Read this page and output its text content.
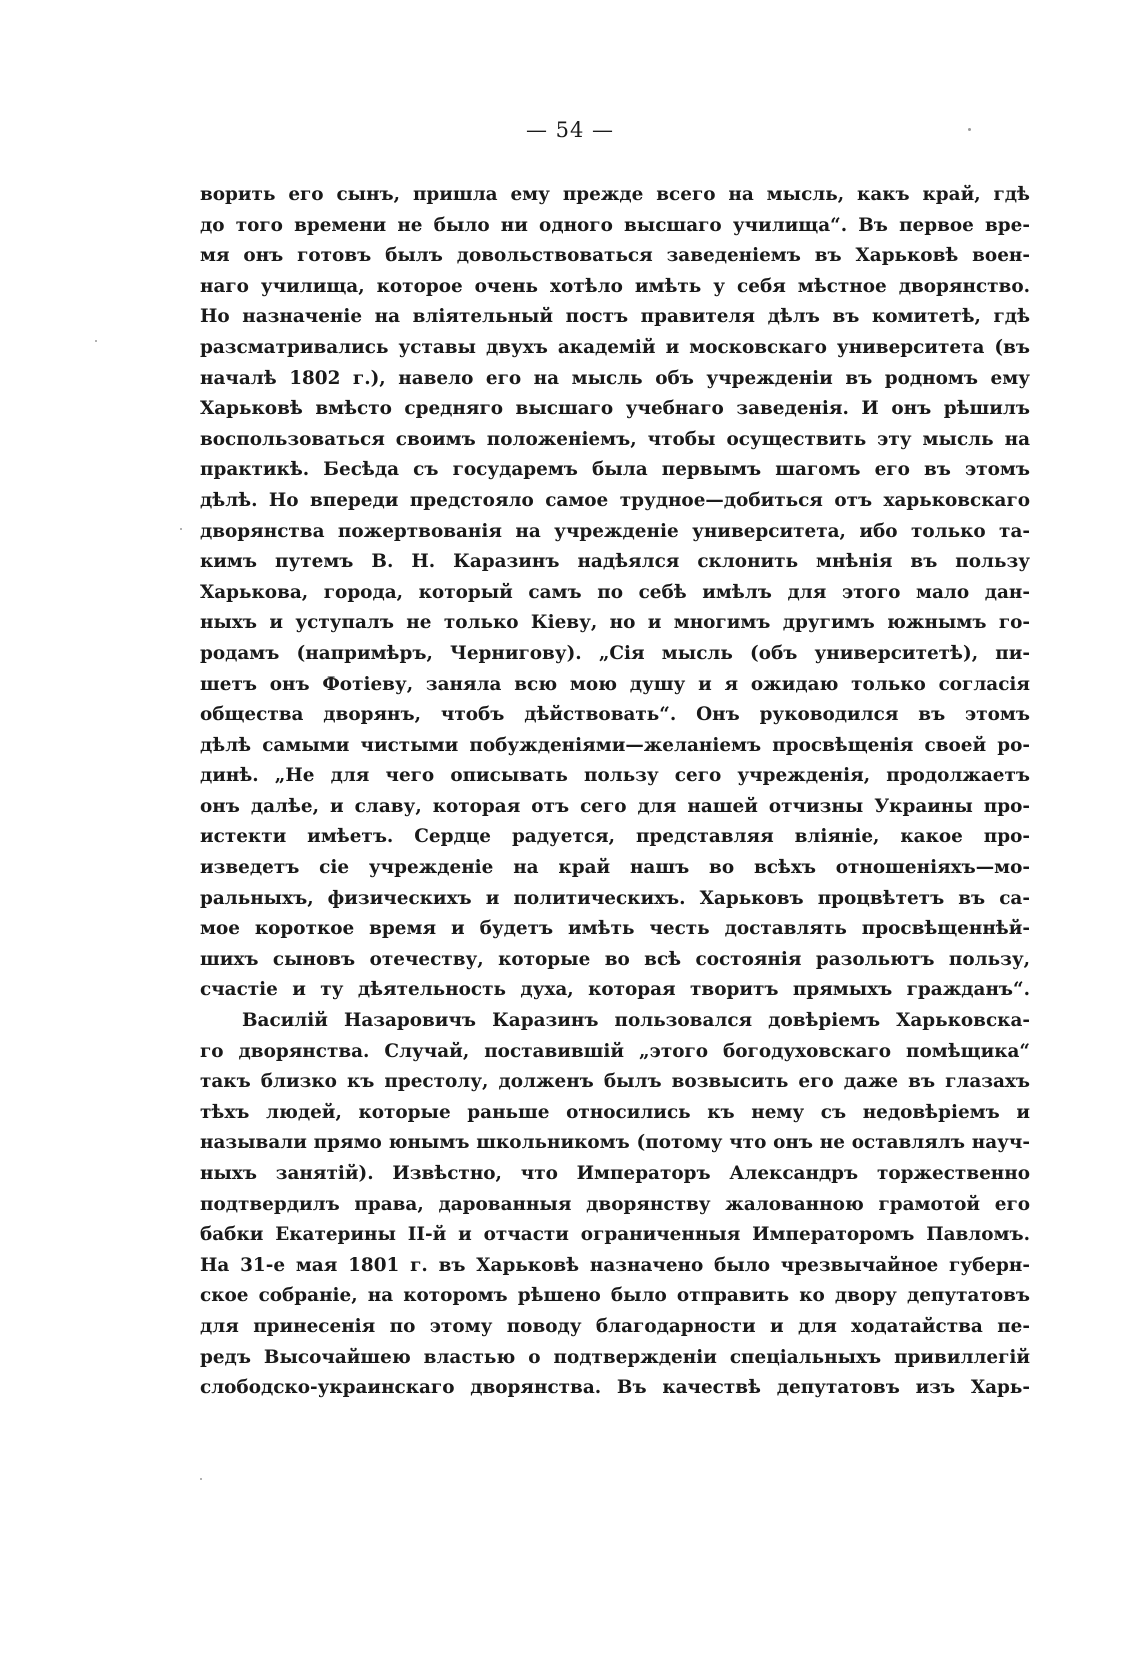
— 54 —
ворить его сынъ, пришла ему прежде всего на мысль, какъ край, гдѣ
до того времени не было ни одного высшаго училища“. Въ первое вре-
мя онъ готовъ былъ довольствоваться заведеніемъ въ Харьковѣ воен-
наго училища, которое очень хотѣло имѣть у себя мѣстное дворянство.
Но назначеніе на вліятельный постъ правителя дѣлъ въ комитетѣ, гдѣ
разсматривались уставы двухъ академій и московскаго университета (въ
началѣ 1802 г.), навело его на мысль объ учрежденіи въ родномъ ему
Харьковѣ вмѣсто средняго высшаго учебнаго заведенія. И онъ рѣшилъ
воспользоваться своимъ положеніемъ, чтобы осуществить эту мысль на
практикѣ. Бесѣда съ государемъ была первымъ шагомъ его въ этомъ
дѣлѣ. Но впереди предстояло самое трудное—добиться отъ харьковскаго
дворянства пожертвованія на учрежденіе университета, ибо только та-
кимъ путемъ В. Н. Каразинъ надѣялся склонить мнѣнія въ пользу
Харькова, города, который самъ по себѣ имѣлъ для этого мало дан-
ныхъ и уступалъ не только Кіеву, но и многимъ другимъ южнымъ го-
родамъ (напримѣръ, Чернигову). „Сія мысль (объ университетѣ), пи-
шетъ онъ Фотіеву, заняла всю мою душу и я ожидаю только согласія
общества дворянъ, чтобъ дѣйствовать“. Онъ руководился въ этомъ
дѣлѣ самыми чистыми побужденіями—желаніемъ просвѣщенія своей ро-
динѣ. „Не для чего описывать пользу сего учрежденія, продолжаетъ
онъ далѣе, и славу, которая отъ сего для нашей отчизны Украины про-
истекти имѣетъ. Сердце радуется, представляя вліяніе, какое про-
изведетъ сіе учрежденіе на край нашъ во всѣхъ отношеніяхъ—мо-
ральныхъ, физическихъ и политическихъ. Харьковъ процвѣтетъ въ са-
мое короткое время и будетъ имѣть честь доставлять просвѣщеннѣй-
шихъ сыновъ отечеству, которые во всѣ состоянія разольютъ пользу,
счастіе и ту дѣятельность духа, которая творитъ прямыхъ гражданъ“.
Василій Назаровичъ Каразинъ пользовался довѣріемъ Харьковска-
го дворянства. Случай, поставившій „этого богодуховскаго помѣщика“
такъ близко къ престолу, долженъ былъ возвысить его даже въ глазахъ
тѣхъ людей, которые раньше относились къ нему съ недовѣріемъ и
называли прямо юнымъ школьникомъ (потому что онъ не оставлялъ науч-
ныхъ занятій). Извѣстно, что Императоръ Александръ торжественно
подтвердилъ права, дарованныя дворянству жалованною грамотой его
бабки Екатерины II-й и отчасти ограниченныя Императоромъ Павломъ.
На 31-е мая 1801 г. въ Харьковѣ назначено было чрезвычайное губерн-
ское собраніе, на которомъ рѣшено было отправить ко двору депутатовъ
для принесенія по этому поводу благодарности и для ходатайства пе-
редъ Высочайшею властью о подтвержденіи спеціальныхъ привиллегій
слободско-украинскаго дворянства. Въ качествѣ депутатовъ изъ Харь-
